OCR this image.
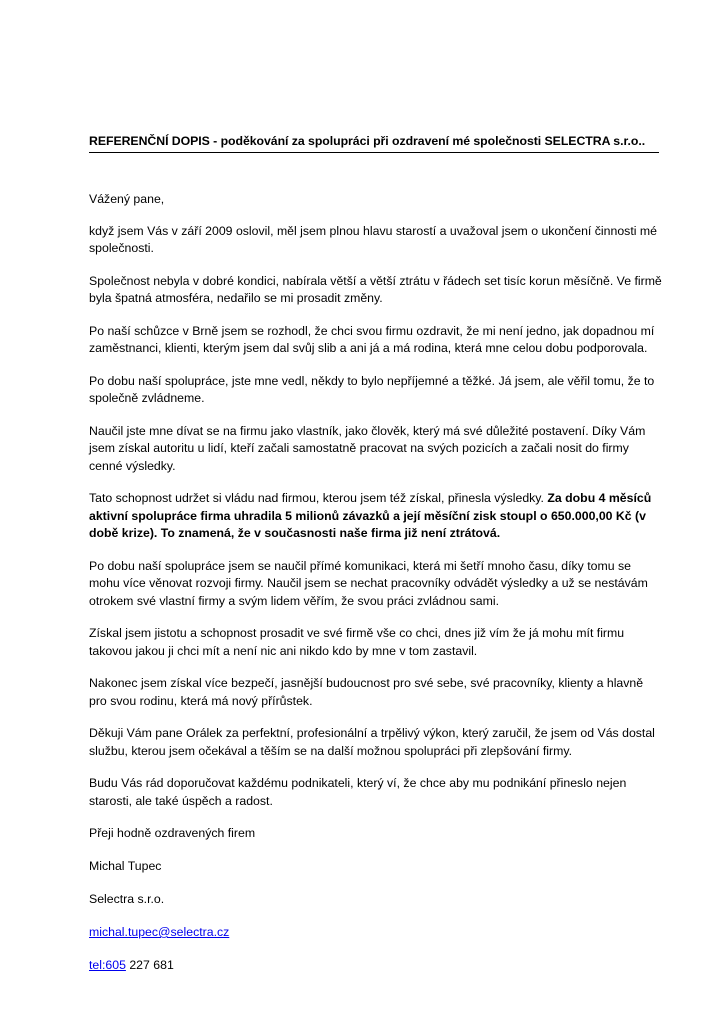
REFERENČNÍ DOPIS - poděkování za spolupráci při ozdravení mé společnosti SELECTRA s.r.o..
Vážený pane,
když jsem Vás v září 2009 oslovil, měl jsem plnou hlavu starostí a uvažoval jsem o ukončení činnosti mé společnosti.
Společnost nebyla v dobré kondici, nabírala větší a větší ztrátu v řádech set tisíc korun měsíčně. Ve firmě byla špatná atmosféra, nedařilo se mi prosadit změny.
Po naší schůzce v Brně jsem se rozhodl, že chci svou firmu ozdravit, že mi není jedno, jak dopadnou mí zaměstnanci, klienti, kterým jsem dal svůj slib a ani já a má rodina, která mne celou dobu podporovala.
Po dobu naší spolupráce, jste mne vedl, někdy to bylo nepříjemné a těžké. Já jsem, ale věřil tomu, že to společně zvládneme.
Naučil jste mne dívat se na firmu jako vlastník, jako člověk, který má své důležité postavení. Díky Vám jsem získal autoritu u lidí, kteří začali samostatně pracovat na svých pozicích a začali nosit do firmy cenné výsledky.
Tato schopnost udržet si vládu nad firmou, kterou jsem též získal, přinesla výsledky. Za dobu 4 měsíců aktivní spolupráce firma uhradila 5 milionů závazků a její měsíční zisk stoupl o 650.000,00 Kč (v době krize). To znamená, že v současnosti naše firma již není ztrátová.
Po dobu naší spolupráce jsem se naučil přímé komunikaci, která mi šetří mnoho času, díky tomu se mohu více věnovat rozvoji firmy. Naučil jsem se nechat pracovníky odvádět výsledky a už se nestávám otrokem své vlastní firmy a svým lidem věřím, že svou práci zvládnou sami.
Získal jsem jistotu a schopnost prosadit ve své firmě vše co chci, dnes již vím že já mohu mít firmu takovou jakou ji chci mít a není nic ani nikdo kdo by mne v tom zastavil.
Nakonec jsem získal více bezpečí, jasnější budoucnost pro své sebe, své pracovníky, klienty a hlavně pro svou rodinu, která má nový přírůstek.
Děkuji Vám pane Orálek za perfektní, profesionální a trpělivý výkon, který zaručil, že jsem od Vás dostal službu, kterou jsem očekával a těším se na další možnou spolupráci při zlepšování firmy.
Budu Vás rád doporučovat každému podnikateli, který ví, že chce aby mu podnikání přineslo nejen starosti, ale také úspěch a radost.
Přeji hodně ozdravených firem
Michal Tupec
Selectra s.r.o.
michal.tupec@selectra.cz
tel:605 227 681
